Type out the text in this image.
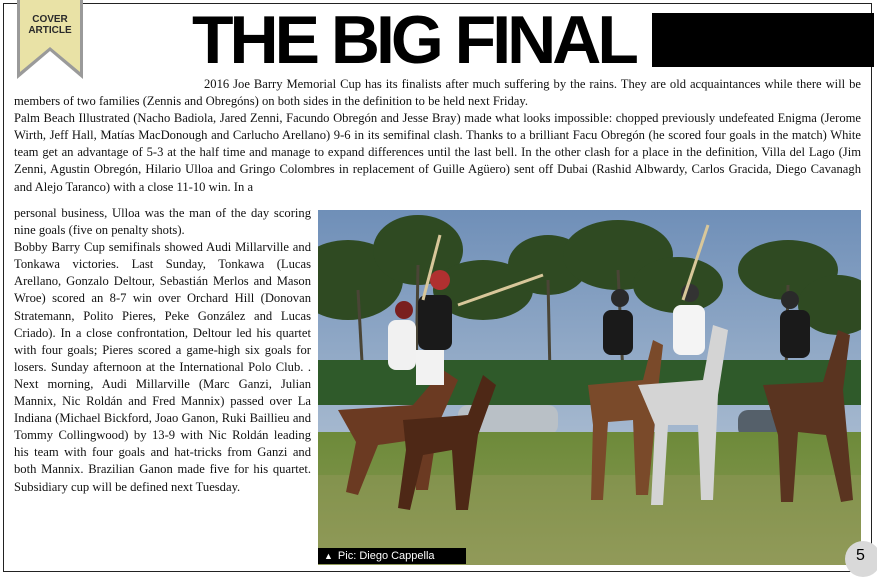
COVER
ARTICLE THE BIG FINAL

2016 Joe Barry Memorial Cup has its finalists after much suffering by the rains. They are old acquaintances while there will be members of two families (Zennis and Obregóns) on both sides in the definition to be held next Friday.

Palm Beach Illustrated (Nacho Badiola, Jared Zenni, Facundo Obregón and Jesse Bray) made what looks impossible: chopped previously undefeated Enigma (Jerome Wirth, Jeff Hall, Matías MacDonough and Carlucho Arellano) 9-6 in its semifinal clash. Thanks to a brilliant Facu Obregón (he scored four goals in the match) White team get an advantage of 5-3 at the half time and manage to expand differences until the last bell. In the other clash for a place in the definition, Villa del Lago (Jim Zenni, Agustin Obregón, Hilario Ulloa and Gringo Colombres in replacement of Guille Agüero) sent off Dubai (Rashid Albwardy, Carlos Gracida, Diego Cavanagh and Alejo Taranco) with a close 11-10 win. In a

personal business, Ulloa was the man of the day scoring nine goals (five on penalty shots).

Bobby Barry Cup semifinals showed Audi Millarville and Tonkawa victories. Last Sunday, Tonkawa (Lucas Arellano, Gonzalo Deltour, Sebastián Merlos and Mason Wroe) scored an 8-7 win over Orchard Hill (Donovan Stratemann, Polito Pieres, Peke González and Lucas Criado). In a close confrontation, Deltour led his quartet with four goals; Pieres scored a game-high six goals for losers. Sunday afternoon at the International Polo Club. . Next morning, Audi Millarville (Marc Ganzi, Julian Mannix, Nic Roldán and Fred Mannix) passed over La Indiana (Michael Bickford, Joao Ganon, Ruki Baillieu and Tommy Collingwood) by 13-9 with Nic Roldán leading his team with four goals and hat-tricks from Ganzi and both Mannix. Brazilian Ganon made five for his quartet. Subsidiary cup will be defined next Tuesday.

▲ Pic: Diego Cappella	5
